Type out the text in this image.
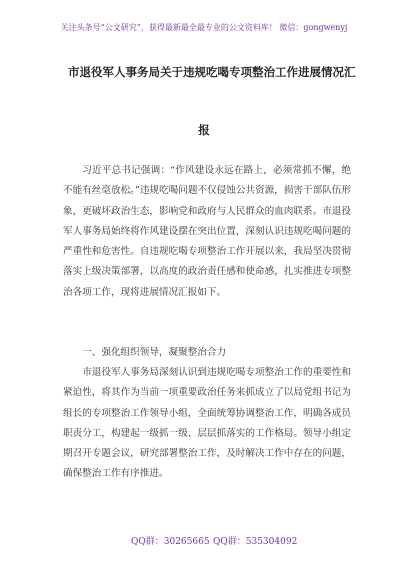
关注头条号“公文研究”，获得最新最全最专业的公文资料库！ 微信：gongwenyj
市退役军人事务局关于违规吃喝专项整治工作进展情况汇
报

习近平总书记强调：“作风建设永远在路上，必须常抓不懈，绝不能有丝毫放松。”违规吃喝问题不仅侵蚀公共资源，损害干部队伍形象，更破坏政治生态，影响党和政府与人民群众的血肉联系。市退役军人事务局始终将作风建设摆在突出位置，深刻认识违规吃喝问题的严重性和危害性。自违规吃喝专项整治工作开展以来，我局坚决贯彻落实上级决策部署，以高度的政治责任感和使命感，扎实推进专项整治各项工作，现将进展情况汇报如下。

一、强化组织领导，凝聚整治合力

市退役军人事务局深刻认识到违规吃喝专项整治工作的重要性和紧迫性，将其作为当前一项重要政治任务来抓成立了以局党组书记为组长的专项整治工作领导小组，全面统筹协调整治工作，明确各成员职责分工，构建起一级抓一级、层层抓落实的工作格局。领导小组定期召开专题会议，研究部署整治工作，及时解决工作中存在的问题，确保整治工作有序推进。

QQ群：30265665 QQ群：535304092
